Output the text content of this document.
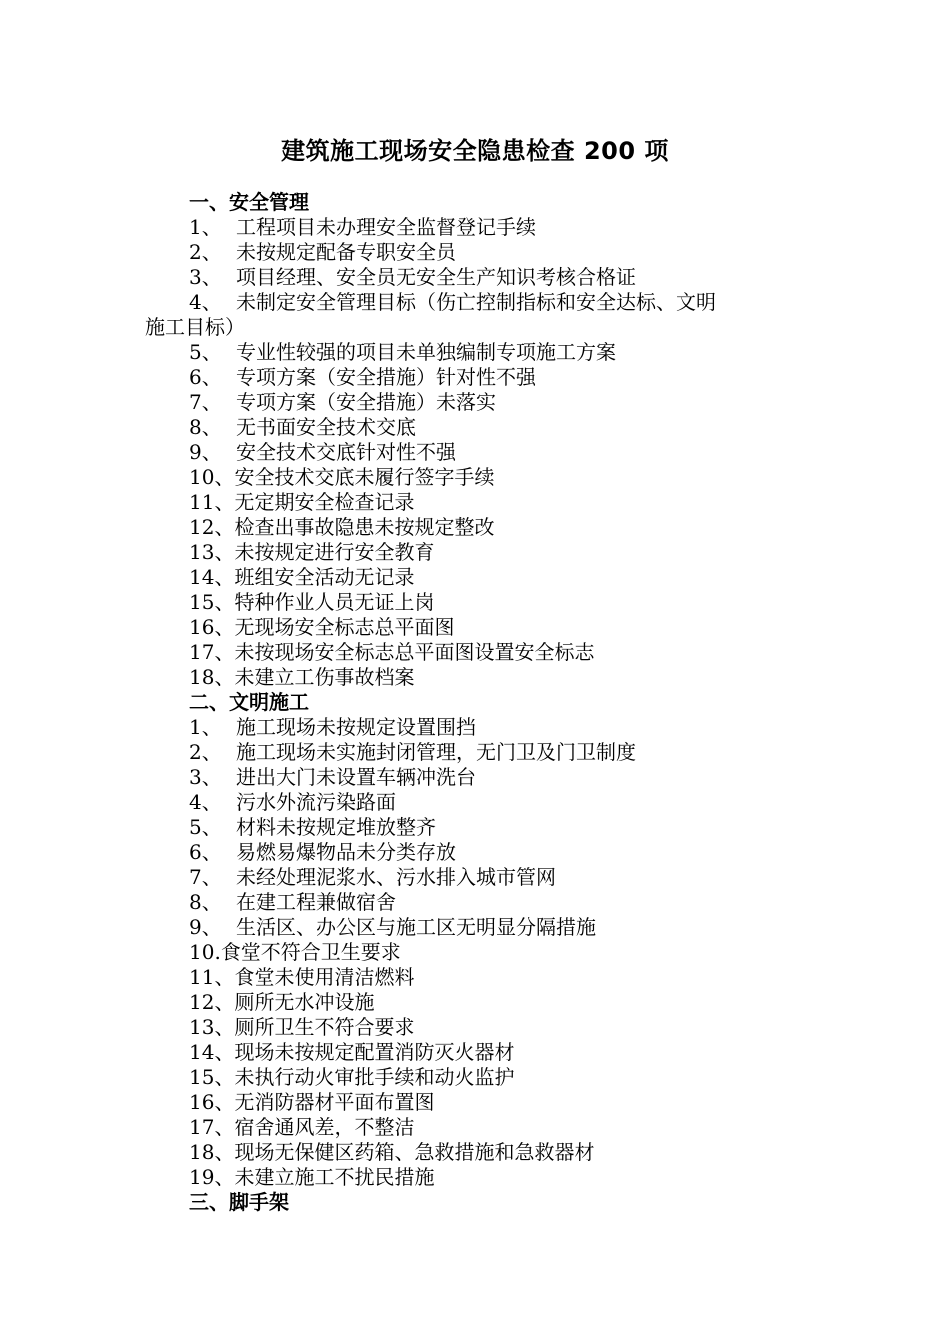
建筑施工现场安全隐患检查 200 项
一、安全管理
1、 工程项目未办理安全监督登记手续
2、 未按规定配备专职安全员
3、 项目经理、安全员无安全生产知识考核合格证
4、 未制定安全管理目标（伤亡控制指标和安全达标、文明
施工目标）
5、 专业性较强的项目未单独编制专项施工方案
6、 专项方案（安全措施）针对性不强
7、 专项方案（安全措施）未落实
8、 无书面安全技术交底
9、 安全技术交底针对性不强
10、安全技术交底未履行签字手续
11、无定期安全检查记录
12、检查出事故隐患未按规定整改
13、未按规定进行安全教育
14、班组安全活动无记录
15、特种作业人员无证上岗
16、无现场安全标志总平面图
17、未按现场安全标志总平面图设置安全标志
18、未建立工伤事故档案
二、文明施工
1、 施工现场未按规定设置围挡
2、 施工现场未实施封闭管理，无门卫及门卫制度
3、 进出大门未设置车辆冲洗台
4、 污水外流污染路面
5、 材料未按规定堆放整齐
6、 易燃易爆物品未分类存放
7、 未经处理泥浆水、污水排入城市管网
8、 在建工程兼做宿舍
9、 生活区、办公区与施工区无明显分隔措施
10.食堂不符合卫生要求
11、食堂未使用清洁燃料
12、厕所无水冲设施
13、厕所卫生不符合要求
14、现场未按规定配置消防灭火器材
15、未执行动火审批手续和动火监护
16、无消防器材平面布置图
17、宿舍通风差，不整洁
18、现场无保健区药箱、急救措施和急救器材
19、未建立施工不扰民措施
三、脚手架
